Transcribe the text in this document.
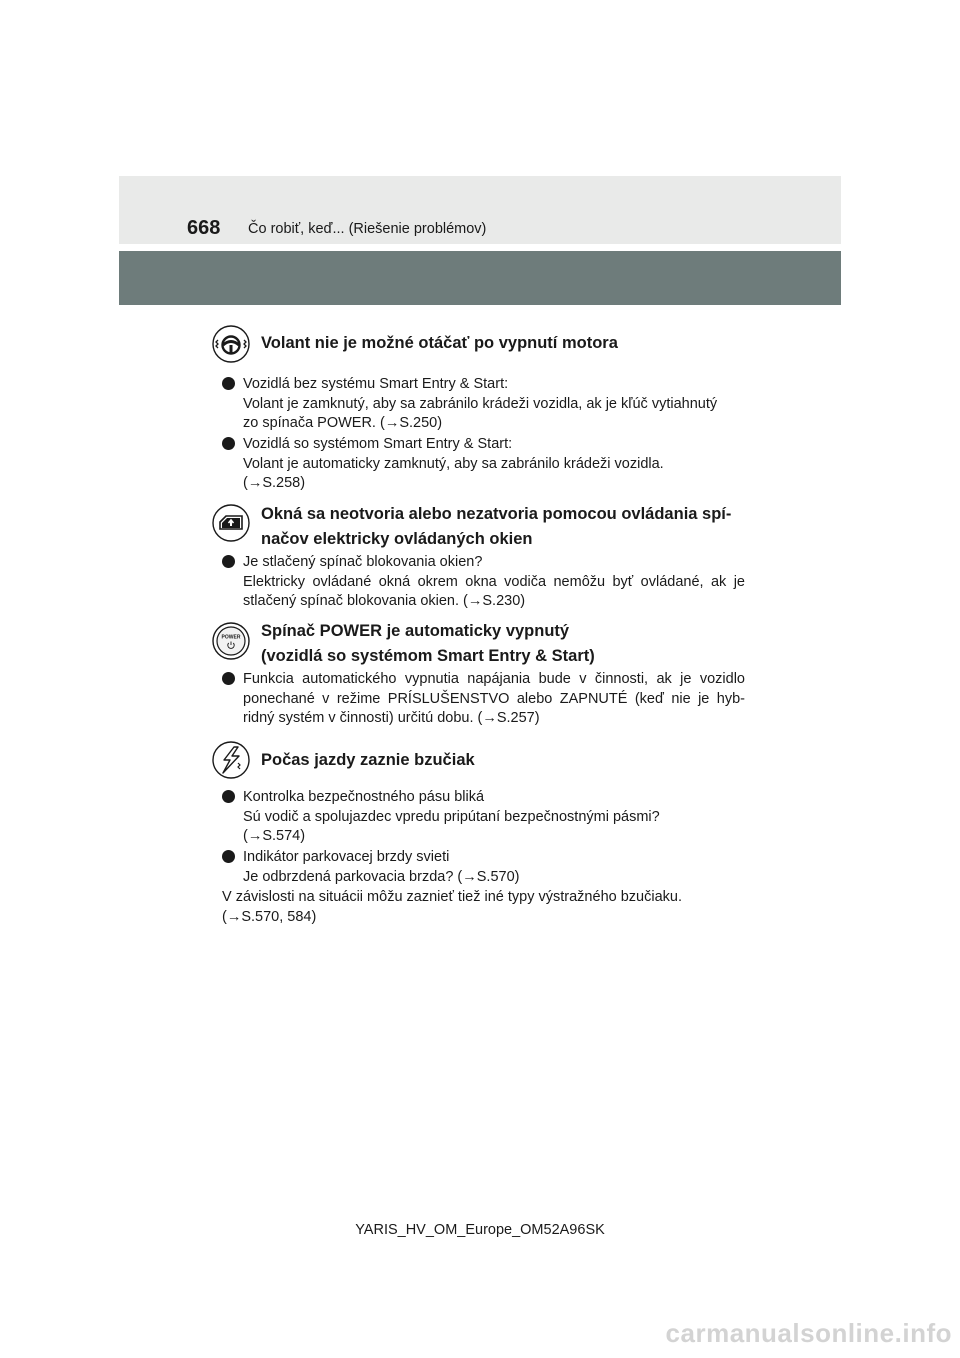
668 Čo robiť, keď... (Riešenie problémov)
Volant nie je možné otáčať po vypnutí motora
Vozidlá bez systému Smart Entry & Start:
Volant je zamknutý, aby sa zabránilo krádeži vozidla, ak je kľúč vytiahnutý
zo spínača POWER. (→S.250)
Vozidlá so systémom Smart Entry & Start:
Volant je automaticky zamknutý, aby sa zabránilo krádeži vozidla.
(→S.258)
Okná sa neotvoria alebo nezatvoria pomocou ovládania spí-
načov elektricky ovládaných okien
Je stlačený spínač blokovania okien?
Elektricky ovládané okná okrem okna vodiča nemôžu byť ovládané, ak je
stlačený spínač blokovania okien. (→S.230)
POWER Spínač POWER je automaticky vypnutý
(vozidlá so systémom Smart Entry & Start)
Funkcia automatického vypnutia napájania bude v činnosti, ak je vozidlo
ponechané v režime PRÍSLUŠENSTVO alebo ZAPNUTÉ (keď nie je hyb-
ridný systém v činnosti) určitú dobu. (→S.257)
Počas jazdy zaznie bzučiak
Kontrolka bezpečnostného pásu bliká
Sú vodič a spolujazdec vpredu pripútaní bezpečnostnými pásmi?
(→S.574)
Indikátor parkovacej brzdy svieti
Je odbrzdená parkovacia brzda? (→S.570)
V závislosti na situácii môžu zaznieť tiež iné typy výstražného bzučiaku.
(→S.570, 584)
YARIS_HV_OM_Europe_OM52A96SK
carmanualsonline.info
